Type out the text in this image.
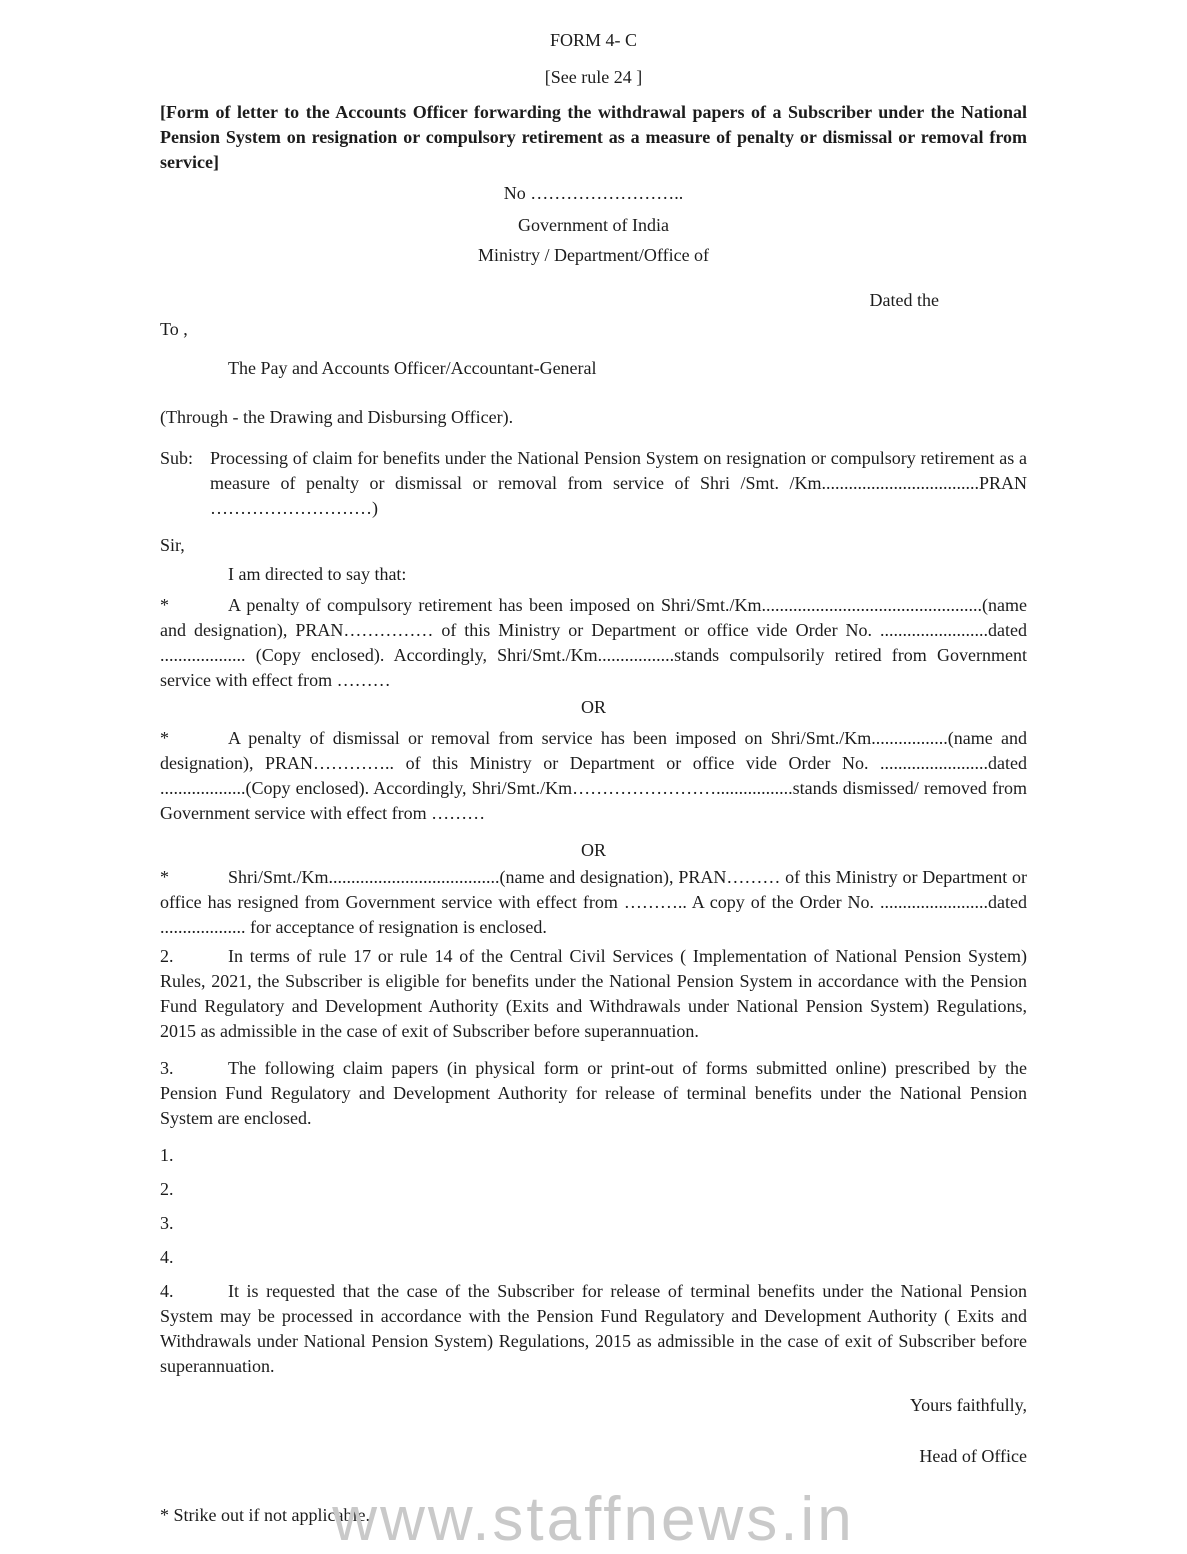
FORM 4- C
[See rule 24 ]

[Form of letter to the Accounts Officer forwarding the withdrawal papers of a Subscriber under the National Pension System on resignation or compulsory retirement as a measure of penalty or dismissal or removal from service]

No ……………………..
Government of India
Ministry / Department/Office of
Dated the
To ,
The Pay and Accounts Officer/Accountant-General
(Through - the Drawing and Disbursing Officer).
Sub: Processing of claim for benefits under the National Pension System on resignation or compulsory retirement as a measure of penalty or dismissal or removal from service of Shri /Smt. /Km...................................PRAN ………………………)
Sir,
I am directed to say that:

*	A penalty of compulsory retirement has been imposed on Shri/Smt./Km.................................................(name and designation), PRAN…………… of this Ministry or Department or office vide Order No. ........................dated ................... (Copy enclosed). Accordingly, Shri/Smt./Km.................stands compulsorily retired from Government service with effect from ………

OR

*	A penalty of dismissal or removal from service has been imposed on Shri/Smt./Km.................(name and designation), PRAN………….. of this Ministry or Department or office vide Order No. ........................dated ...................(Copy enclosed). Accordingly, Shri/Smt./Km…………………….................stands dismissed/ removed from Government service with effect from ………

OR

*	Shri/Smt./Km......................................(name and designation), PRAN……… of this Ministry or Department or office has resigned from Government service with effect from ……….. A copy of the Order No. ........................dated ................... for acceptance of resignation is enclosed.

2.	In terms of rule 17 or rule 14 of the Central Civil Services ( Implementation of National Pension System) Rules, 2021, the Subscriber is eligible for benefits under the National Pension System in accordance with the Pension Fund Regulatory and Development Authority (Exits and Withdrawals under National Pension System) Regulations, 2015 as admissible in the case of exit of Subscriber before superannuation.

3.	The following claim papers (in physical form or print-out of forms submitted online) prescribed by the Pension Fund Regulatory and Development Authority for release of terminal benefits under the National Pension System are enclosed.

1.
2.
3.
4.

4.	It is requested that the case of the Subscriber for release of terminal benefits under the National Pension System may be processed in accordance with the Pension Fund Regulatory and Development Authority ( Exits and Withdrawals under National Pension System) Regulations, 2015 as admissible in the case of exit of Subscriber before superannuation.

Yours faithfully,
Head of Office
* Strike out if not applicable.
www.staffnews.in
